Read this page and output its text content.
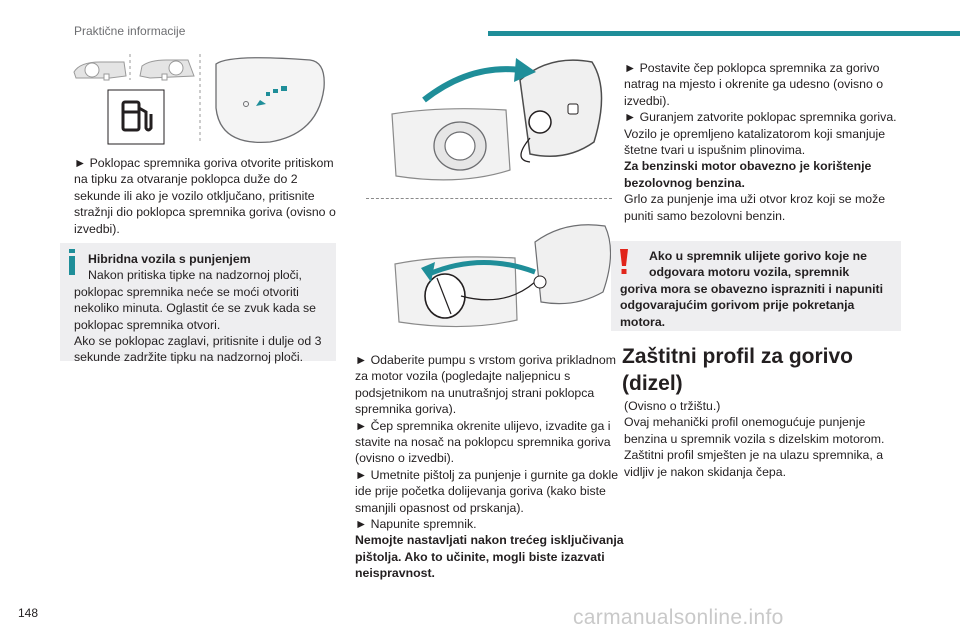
Praktične informacije

► Poklopac spremnika goriva otvorite pritiskom na tipku za otvaranje poklopca duže do 2 sekunde ili ako je vozilo otključano, pritisnite stražnji dio poklopca spremnika goriva (ovisno o izvedbi).

Hibridna vozila s punjenjem
Nakon pritiska tipke na nadzornoj ploči,
poklopac spremnika neće se moći otvoriti nekoliko minuta. Oglastit će se zvuk kada se poklopac spremnika otvori.
Ako se poklopac zaglavi, pritisnite i dulje od 3 sekunde zadržite tipku na nadzornoj ploči.	► Odaberite pumpu s vrstom goriva prikladnom za motor vozila (pogledajte naljepnicu s podsjetnikom na unutrašnjoj strani poklopca spremnika goriva).

► Čep spremnika okrenite ulijevo, izvadite ga i stavite na nosač na poklopcu spremnika goriva (ovisno o izvedbi).

► Umetnite pištolj za punjenje i gurnite ga dokle ide prije početka dolijevanja goriva (kako biste smanjili opasnost od prskanja).

► Napunite spremnik.

Nemojte nastavljati nakon trećeg isključivanja pištolja. Ako to učinite, mogli biste izazvati neispravnost.

► Postavite čep poklopca spremnika za gorivo natrag na mjesto i okrenite ga udesno (ovisno o izvedbi).

► Guranjem zatvorite poklopac spremnika goriva.

Vozilo je opremljeno katalizatorom koji smanjuje štetne tvari u ispušnim plinovima.

Za benzinski motor obavezno je korištenje bezolovnog benzina.

Grlo za punjenje ima uži otvor kroz koji se može puniti samo bezolovni benzin.

Ako u spremnik ulijete gorivo koje ne
odgovara motoru vozila, spremnik
goriva mora se obavezno isprazniti i napuniti odgovarajućim gorivom prije pokretanja motora.
Zaštitni profil za gorivo (dizel)

(Ovisno o tržištu.)

Ovaj mehanički profil onemogućuje punjenje benzina u spremnik vozila s dizelskim motorom. Zaštitni profil smješten je na ulazu spremnika, a vidljiv je nakon skidanja čepa.

148	carmanualsonline.info
